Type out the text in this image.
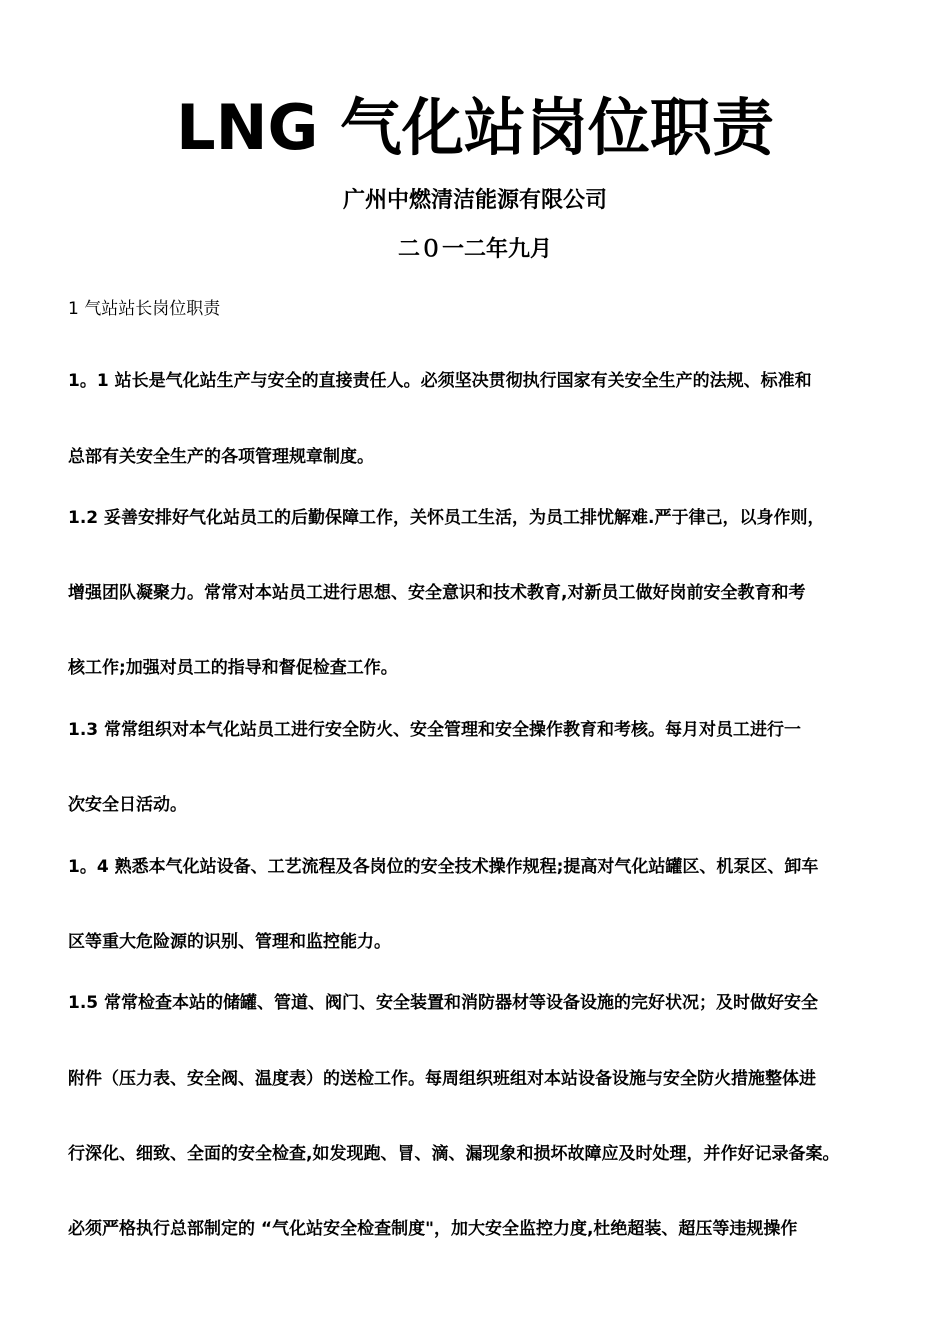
LNG 气化站岗位职责
广州中燃清洁能源有限公司
二０一二年九月
1 气站站长岗位职责
1。1 站长是气化站生产与安全的直接责任人。必须坚决贯彻执行国家有关安全生产的法规、标准和
总部有关安全生产的各项管理规章制度。
1.2 妥善安排好气化站员工的后勤保障工作，关怀员工生活，为员工排忧解难.严于律己，以身作则，
增强团队凝聚力。常常对本站员工进行思想、安全意识和技术教育,对新员工做好岗前安全教育和考
核工作;加强对员工的指导和督促检查工作。
1.3 常常组织对本气化站员工进行安全防火、安全管理和安全操作教育和考核。每月对员工进行一
次安全日活动。
1。4 熟悉本气化站设备、工艺流程及各岗位的安全技术操作规程;提高对气化站罐区、机泵区、卸车
区等重大危险源的识别、管理和监控能力。
1.5 常常检查本站的储罐、管道、阀门、安全装置和消防器材等设备设施的完好状况；及时做好安全
附件（压力表、安全阀、温度表）的送检工作。每周组织班组对本站设备设施与安全防火措施整体进
行深化、细致、全面的安全检查,如发现跑、冒、滴、漏现象和损坏故障应及时处理，并作好记录备案。
必须严格执行总部制定的 “气化站安全检查制度"，加大安全监控力度,杜绝超装、超压等违规操作
